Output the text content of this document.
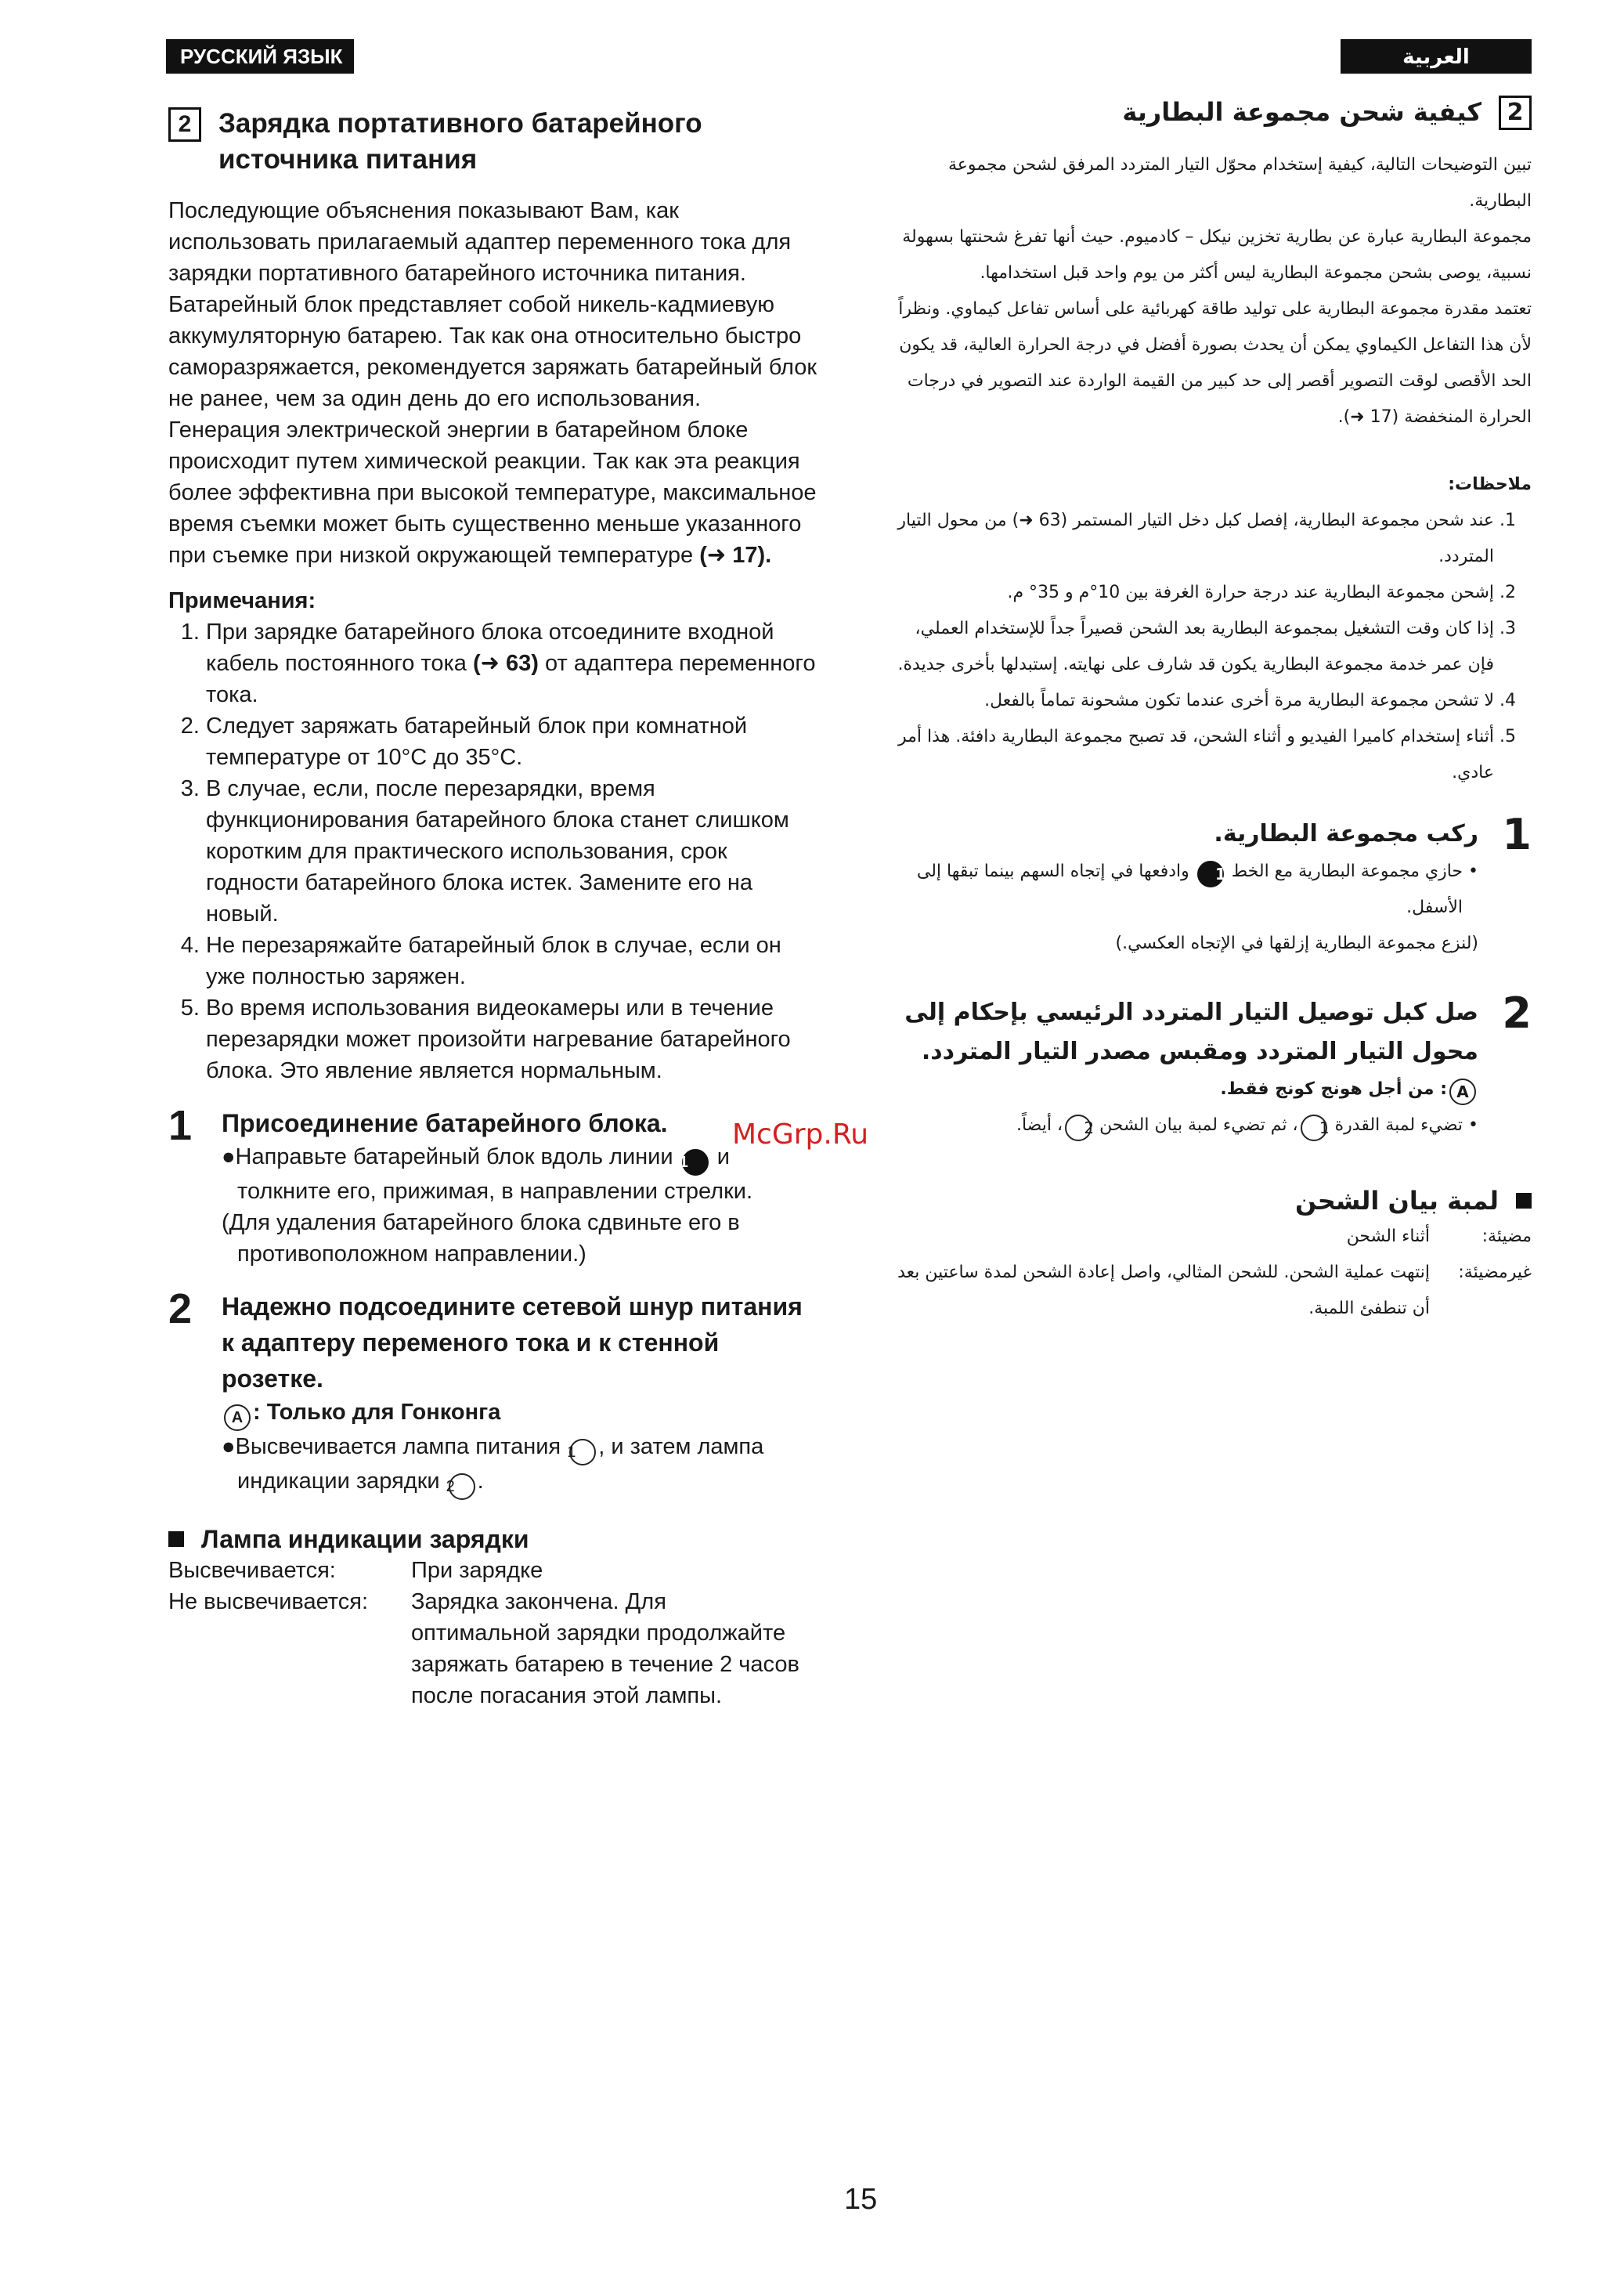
РУССКИЙ ЯЗЫК	العربية
2 Зарядка портативного батарейного источника питания

Последующие объяснения показывают Вам, как использовать прилагаемый адаптер переменного тока для зарядки портативного батарейного источника питания.

Батарейный блок представляет собой никель-кадмиевую аккумуляторную батарею. Так как она относительно быстро саморазряжается, рекомендуется заряжать батарейный блок не ранее, чем за один день до его использования.

Генерация электрической энергии в батарейном блоке происходит путем химической реакции. Так как эта реакция более эффективна при высокой температуре, максимальное время съемки может быть существенно меньше указанного при съемке при низкой окружающей температуре (➜ 17).

Примечания:
1. При зарядке батарейного блока отсоедините входной кабель постоянного тока (➜ 63) от адаптера переменного тока.
2. Следует заряжать батарейный блок при комнатной температуре от 10°C до 35°C.
3. В случае, если, после перезарядки, время функционирования батарейного блока станет слишком коротким для практического использования, срок годности батарейного блока истек. Замените его на новый.
4. Не перезаряжайте батарейный блок в случае, если он уже полностью заряжен.
5. Во время использования видеокамеры или в течение перезарядки может произойти нагревание батарейного блока. Это явление является нормальным.
1 Присоединение батарейного блока.
●Направьте батарейный блок вдоль линии 1 и толкните его, прижимая, в направлении стрелки.
(Для удаления батарейного блока сдвиньте его в противоположном направлении.)
2 Надежно подсоедините сетевой шнур питания к адаптеру переменого тока и к стенной розетке.
A : Только для Гонконга
●Высвечивается лампа питания 1 , и затем лампа индикации зарядки 2 .
Лампа индикации зарядки
Высвечивается:	При зарядке
Не высвечивается:	Зарядка закончена. Для оптимальной зарядки продолжайте заряжать батарею в течение 2 часов после погасания этой лампы.
2
كيفية شحن مجموعة البطارية

تبين التوضيحات التالية، كيفية إستخدام محوّل التيار المتردد المرفق لشحن مجموعة البطارية.

مجموعة البطارية عبارة عن بطارية تخزين نيكل – كادميوم. حيث أنها تفرغ شحنتها بسهولة نسبية، يوصى بشحن مجموعة البطارية ليس أكثر من يوم واحد قبل استخدامها.

تعتمد مقدرة مجموعة البطارية على توليد طاقة كهربائية على أساس تفاعل كيماوي. ونظراً لأن هذا التفاعل الكيماوي يمكن أن يحدث بصورة أفضل في درجة الحرارة العالية، قد يكون الحد الأقصى لوقت التصوير أقصر إلى حد كبير من القيمة الواردة عند التصوير في درجات الحرارة المنخفضة (17 ➜).

ملاحظات:
1. عند شحن مجموعة البطارية، إفصل كبل دخل التيار المستمر (63 ➜) من محول التيار المتردد.
2. إشحن مجموعة البطارية عند درجة حرارة الغرفة بين 10°م و 35° م.
3. إذا كان وقت التشغيل بمجموعة البطارية بعد الشحن قصيراً جداً للإستخدام العملي، فإن عمر خدمة مجموعة البطارية يكون قد شارف على نهايته. إستبدلها بأخرى جديدة.
4. لا تشحن مجموعة البطارية مرة أخرى عندما تكون مشحونة تماماً بالفعل.
5. أثناء إستخدام كاميرا الفيديو و أثناء الشحن، قد تصبح مجموعة البطارية دافئة. هذا أمر عادي.
1
ركب مجموعة البطارية.
• حازي مجموعة البطارية مع الخط 1 وادفعها في إتجاه السهم بينما تبقها إلى الأسفل.
(لنزع مجموعة البطارية إزلقها في الإتجاه العكسي.)
2
صل كبل توصيل التيار المتردد الرئيسي بإحكام إلى محول التيار المتردد ومقبس مصدر التيار المتردد.
A: من أجل هونج كونج فقط.
• تضيء لمبة القدرة 1، ثم تضيء لمبة بيان الشحن 2، أيضاً.
لمبة بيان الشحن
مضيئة:
أثناء الشحن
غيرمضيئة:
إنتهت عملية الشحن. للشحن المثالي، واصل إعادة الشحن لمدة ساعتين بعد أن تنطفئ اللمبة.
McGrp.Ru
15
